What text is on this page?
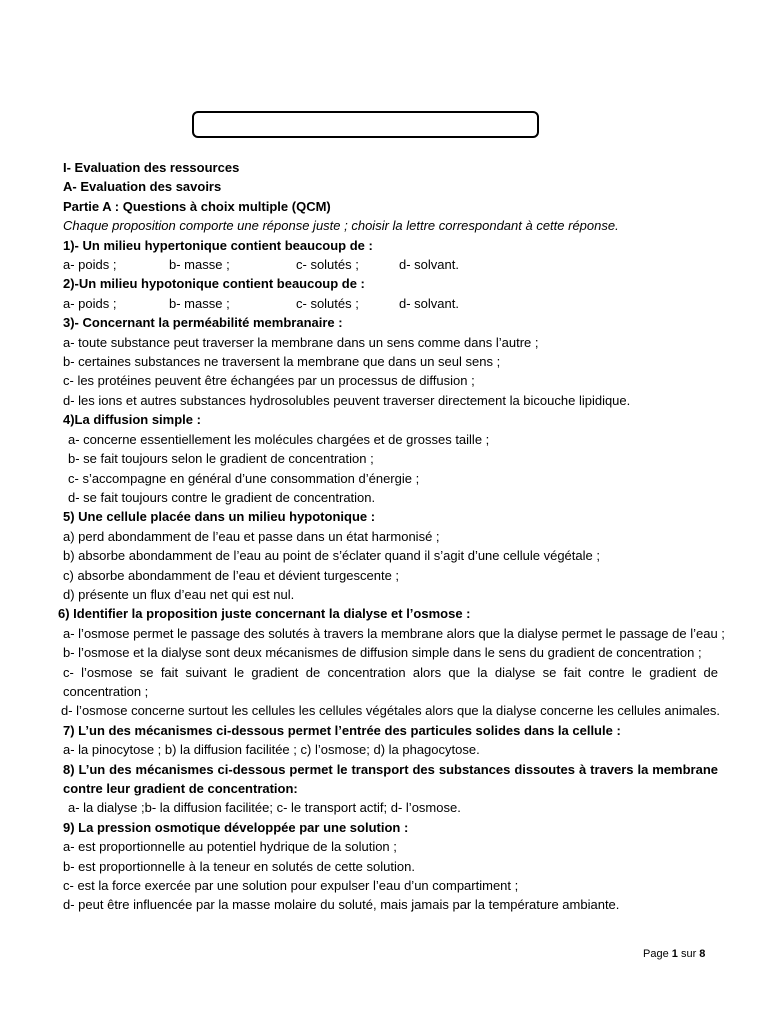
I- Evaluation des ressources
A- Evaluation des savoirs
Partie A : Questions à choix multiple (QCM)
Chaque proposition comporte une réponse juste ; choisir la lettre correspondant à cette réponse.
1)- Un milieu hypertonique contient beaucoup de :
a- poids ;	b- masse ;	c- solutés ;	d- solvant.
2)-Un milieu hypotonique contient beaucoup de :
a- poids ;	b- masse ;	c- solutés ;	d- solvant.
3)- Concernant la perméabilité membranaire :
a- toute substance peut traverser la membrane dans un sens comme dans l’autre ;
b- certaines substances ne traversent la membrane que dans un seul sens ;
c- les protéines peuvent être échangées par un processus de diffusion ;
d- les ions et autres substances hydrosolubles peuvent traverser directement la bicouche lipidique.
4)La diffusion simple :
a- concerne essentiellement les molécules chargées et de grosses taille ;
b- se fait toujours selon le gradient de concentration ;
c- s’accompagne en général d’une consommation d’énergie ;
d- se fait toujours contre le gradient de concentration.
5) Une cellule placée dans un milieu hypotonique :
a) perd abondamment de l’eau et passe dans un état harmonisé ;
b) absorbe abondamment de l’eau au point de s’éclater quand il s’agit d’une cellule végétale ;
c) absorbe abondamment de l’eau et dévient turgescente ;
d) présente un flux d’eau net qui est nul.
6) Identifier la proposition juste concernant la dialyse et l’osmose :
a- l’osmose permet le passage des solutés à travers la membrane alors que la dialyse permet le passage de l’eau ;
b- l’osmose et la dialyse sont deux mécanismes de diffusion simple dans le sens du gradient de concentration ;
c- l’osmose se fait suivant le gradient de concentration alors que la dialyse se fait contre le gradient de
concentration ;
d- l’osmose concerne surtout les cellules les cellules végétales alors que la dialyse concerne les cellules animales.
7) L’un des mécanismes ci-dessous permet l’entrée des particules solides dans la cellule :
a- la pinocytose ; b) la diffusion facilitée ; c) l’osmose; d) la phagocytose.
8) L’un des mécanismes ci-dessous permet le transport des substances dissoutes à travers la membrane
contre leur gradient de concentration:
a- la dialyse ;b- la diffusion facilitée; c- le transport actif; d- l’osmose.
9) La pression osmotique développée par une solution :
a- est proportionnelle au potentiel hydrique de la solution ;
b- est proportionnelle à la teneur en solutés de cette solution.
c- est la force exercée par une solution pour expulser l’eau d’un compartiment ;
d- peut être influencée par la masse molaire du soluté, mais jamais par la température ambiante.
Page 1 sur 8
